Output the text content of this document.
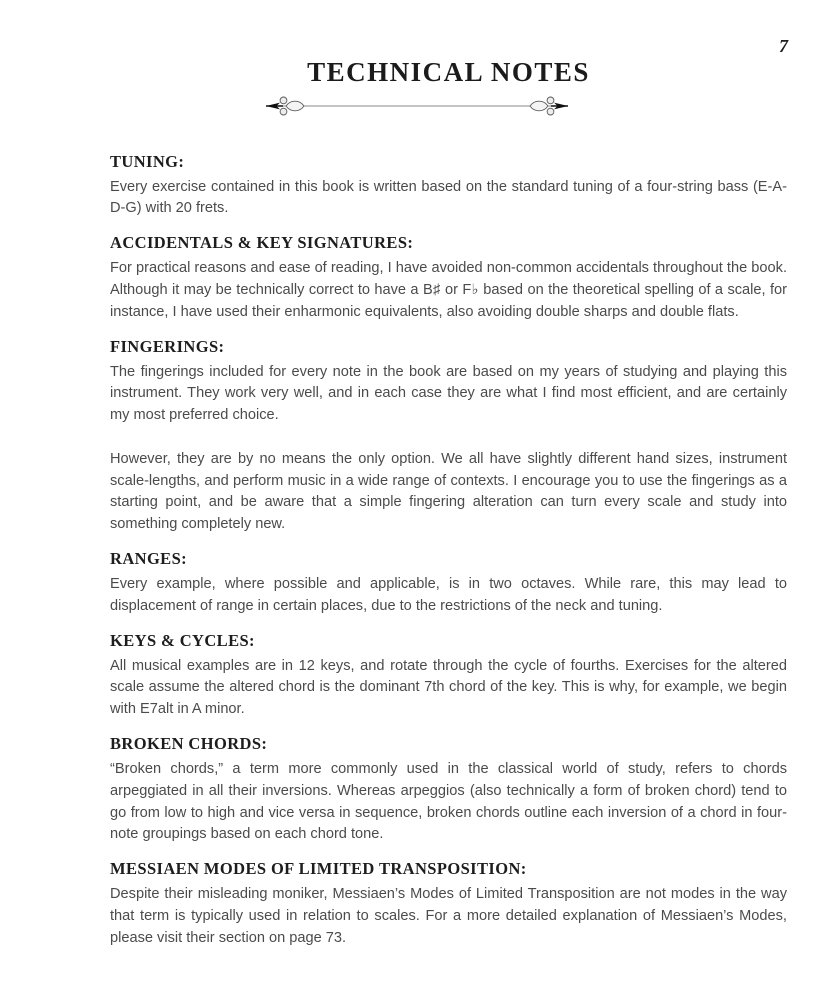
7
TECHNICAL NOTES
TUNING:

Every exercise contained in this book is written based on the standard tuning of a four-string bass (E-A-D-G) with 20 frets.

ACCIDENTALS & KEY SIGNATURES:

For practical reasons and ease of reading, I have avoided non-common accidentals throughout the book. Although it may be technically correct to have a B♯ or F♭ based on the theoretical spelling of a scale, for instance, I have used their enharmonic equivalents, also avoiding double sharps and double flats.

FINGERINGS:

The fingerings included for every note in the book are based on my years of studying and playing this instrument. They work very well, and in each case they are what I find most efficient, and are certainly my most preferred choice.

However, they are by no means the only option. We all have slightly different hand sizes, instrument scale-lengths, and perform music in a wide range of contexts. I encourage you to use the fingerings as a starting point, and be aware that a simple fingering alteration can turn every scale and study into something completely new.

RANGES:

Every example, where possible and applicable, is in two octaves. While rare, this may lead to displacement of range in certain places, due to the restrictions of the neck and tuning.

KEYS & CYCLES:

All musical examples are in 12 keys, and rotate through the cycle of fourths. Exercises for the altered scale assume the altered chord is the dominant 7th chord of the key. This is why, for example, we begin with E7alt in A minor.

BROKEN CHORDS:

“Broken chords,” a term more commonly used in the classical world of study, refers to chords arpeggiated in all their inversions. Whereas arpeggios (also technically a form of broken chord) tend to go from low to high and vice versa in sequence, broken chords outline each inversion of a chord in four-note groupings based on each chord tone.

MESSIAEN MODES OF LIMITED TRANSPOSITION:

Despite their misleading moniker, Messiaen’s Modes of Limited Transposition are not modes in the way that term is typically used in relation to scales. For a more detailed explanation of Messiaen’s Modes, please visit their section on page 73.
